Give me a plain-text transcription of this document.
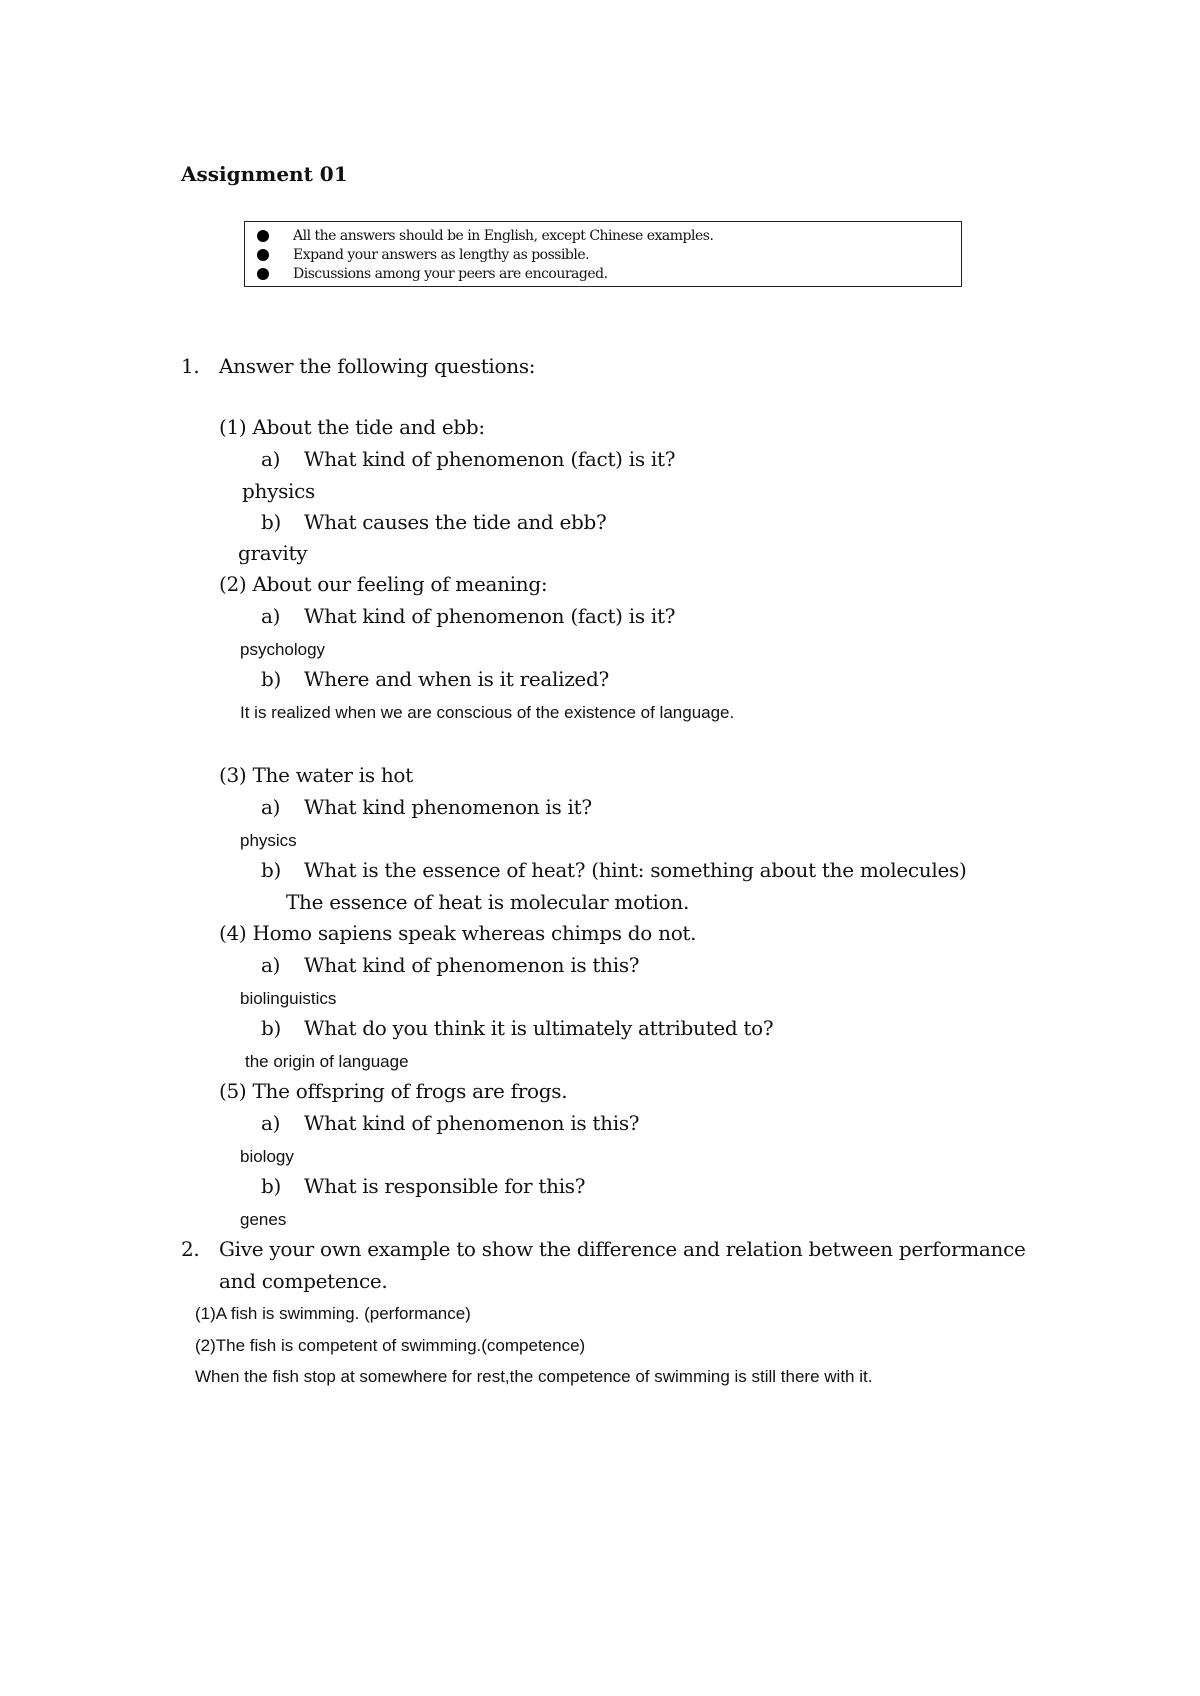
Assignment 01
All the answers should be in English, except Chinese examples.
Expand your answers as lengthy as possible.
Discussions among your peers are encouraged.
1. Answer the following questions:
(1) About the tide and ebb:
a) What kind of phenomenon (fact) is it?
physics
b) What causes the tide and ebb?
gravity
(2) About our feeling of meaning:
a) What kind of phenomenon (fact) is it?
psychology
b) Where and when is it realized?
It is realized when we are conscious of the existence of language.
(3) The water is hot
a) What kind phenomenon is it?
physics
b) What is the essence of heat? (hint: something about the molecules)
The essence of heat is molecular motion.
(4) Homo sapiens speak whereas chimps do not.
a) What kind of phenomenon is this?
biolinguistics
b) What do you think it is ultimately attributed to?
the origin of language
(5) The offspring of frogs are frogs.
a) What kind of phenomenon is this?
biology
b) What is responsible for this?
genes
2. Give your own example to show the difference and relation between performance
and competence.
(1)A fish is swimming. (performance)
(2)The fish is competent of swimming.(competence)
When the fish stop at somewhere for rest,the competence of swimming is still there with it.
